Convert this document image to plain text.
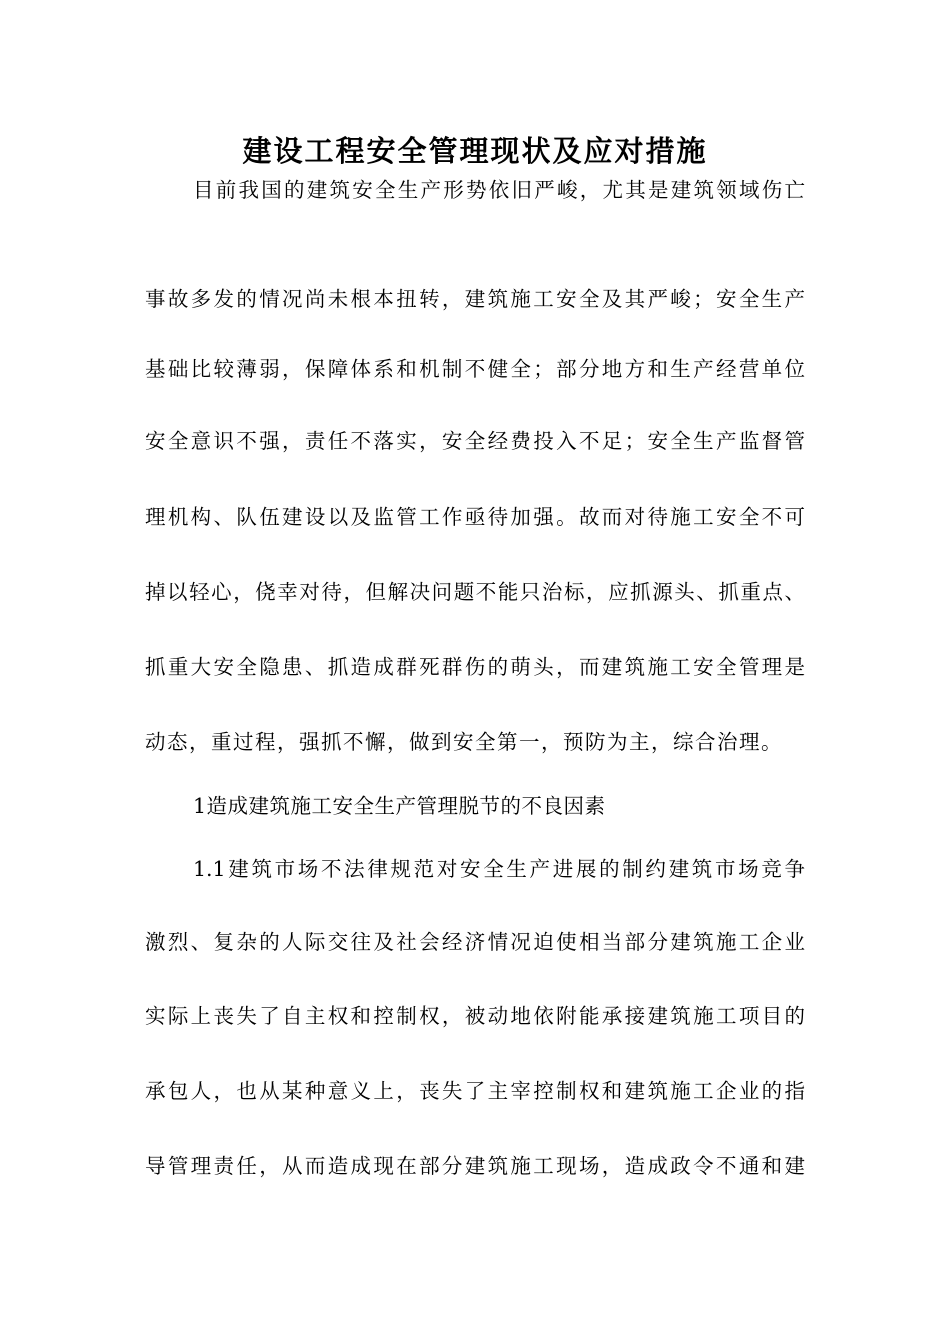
建设工程安全管理现状及应对措施
目前我国的建筑安全生产形势依旧严峻，尤其是建筑领域伤亡
事故多发的情况尚未根本扭转，建筑施工安全及其严峻；安全生产
基础比较薄弱，保障体系和机制不健全；部分地方和生产经营单位
安全意识不强，责任不落实，安全经费投入不足；安全生产监督管
理机构、队伍建设以及监管工作亟待加强。故而对待施工安全不可
掉以轻心，侥幸对待，但解决问题不能只治标，应抓源头、抓重点、
抓重大安全隐患、抓造成群死群伤的萌头，而建筑施工安全管理是
动态，重过程，强抓不懈，做到安全第一，预防为主，综合治理。
1造成建筑施工安全生产管理脱节的不良因素
1.1建筑市场不法律规范对安全生产进展的制约建筑市场竞争
激烈、复杂的人际交往及社会经济情况迫使相当部分建筑施工企业
实际上丧失了自主权和控制权，被动地依附能承接建筑施工项目的
承包人，也从某种意义上，丧失了主宰控制权和建筑施工企业的指
导管理责任，从而造成现在部分建筑施工现场，造成政令不通和建
